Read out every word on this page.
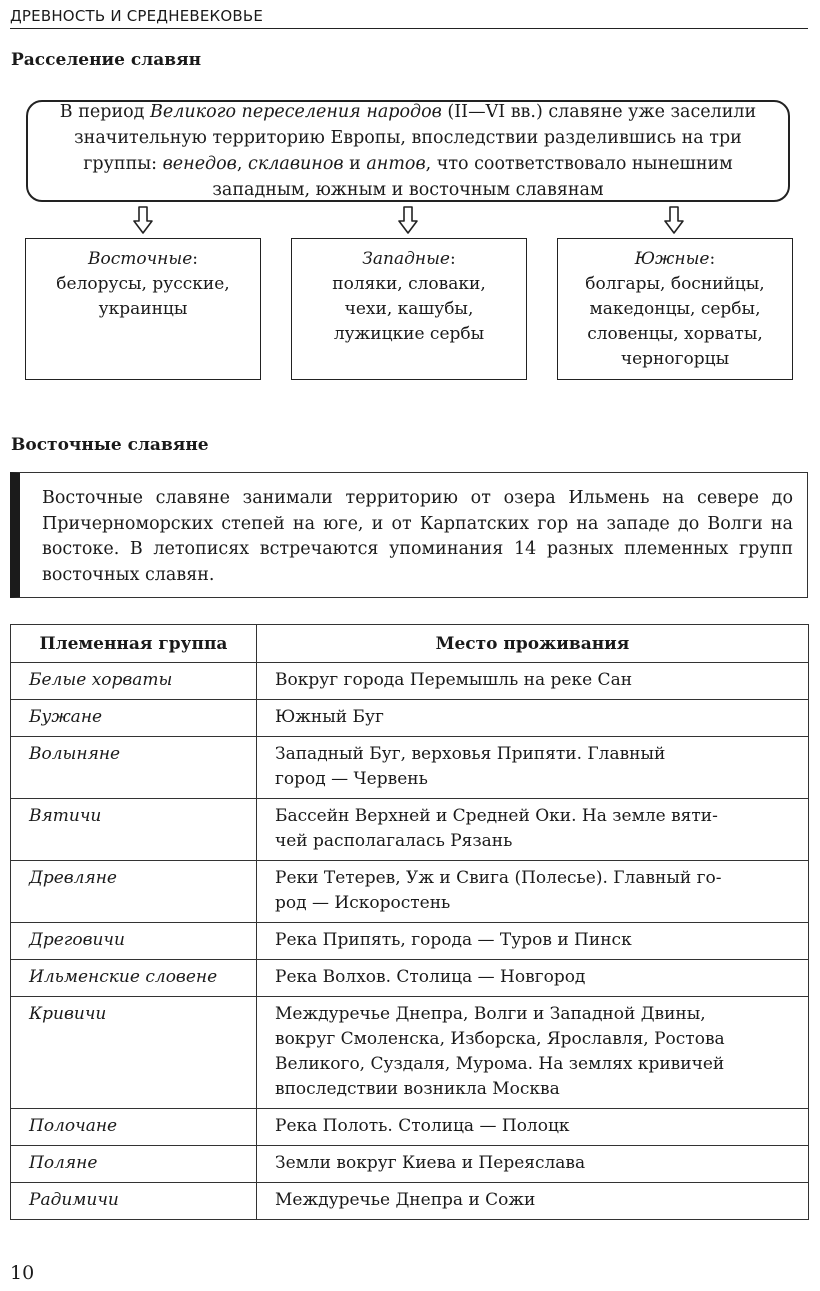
ДРЕВНОСТЬ И СРЕДНЕВЕКОВЬЕ
Расселение славян
В период Великого переселения народов (II—VI вв.) славяне уже заселили значительную территорию Европы, впоследствии разделившись на три группы: венедов, склавинов и антов, что соответствовало нынешним западным, южным и восточным славянам
Восточные:
белорусы, русские,
украинцы
Западные:
поляки, словаки,
чехи, кашубы,
лужицкие сербы
Южные:
болгары, боснийцы,
македонцы, сербы,
словенцы, хорваты,
черногорцы
Восточные славяне
Восточные славяне занимали территорию от озера Ильмень на севере до Причерноморских степей на юге, и от Карпатских гор на западе до Волги на востоке. В летописях встречаются упоминания 14 разных племенных групп восточных славян.
Племенная группа	Место проживания
Белые хорваты	Вокруг города Перемышль на реке Сан

Бужане	Южный Буг

Волыняне	Западный Буг, верховья Припяти. Главный
город — Червень

Вятичи	Бассейн Верхней и Средней Оки. На земле вяти-
чей располагалась Рязань

Древляне	Реки Тетерев, Уж и Свига (Полесье). Главный го-
род — Искоростень

Дреговичи	Река Припять, города — Туров и Пинск

Ильменские словене	Река Волхов. Столица — Новгород

Кривичи	Междуречье Днепра, Волги и Западной Двины,
вокруг Смоленска, Изборска, Ярославля, Ростова
Великого, Суздаля, Мурома. На землях кривичей
впоследствии возникла Москва

Полочане	Река Полоть. Столица — Полоцк

Поляне	Земли вокруг Киева и Переяслава

Радимичи	Междуречье Днепра и Сожи
10
